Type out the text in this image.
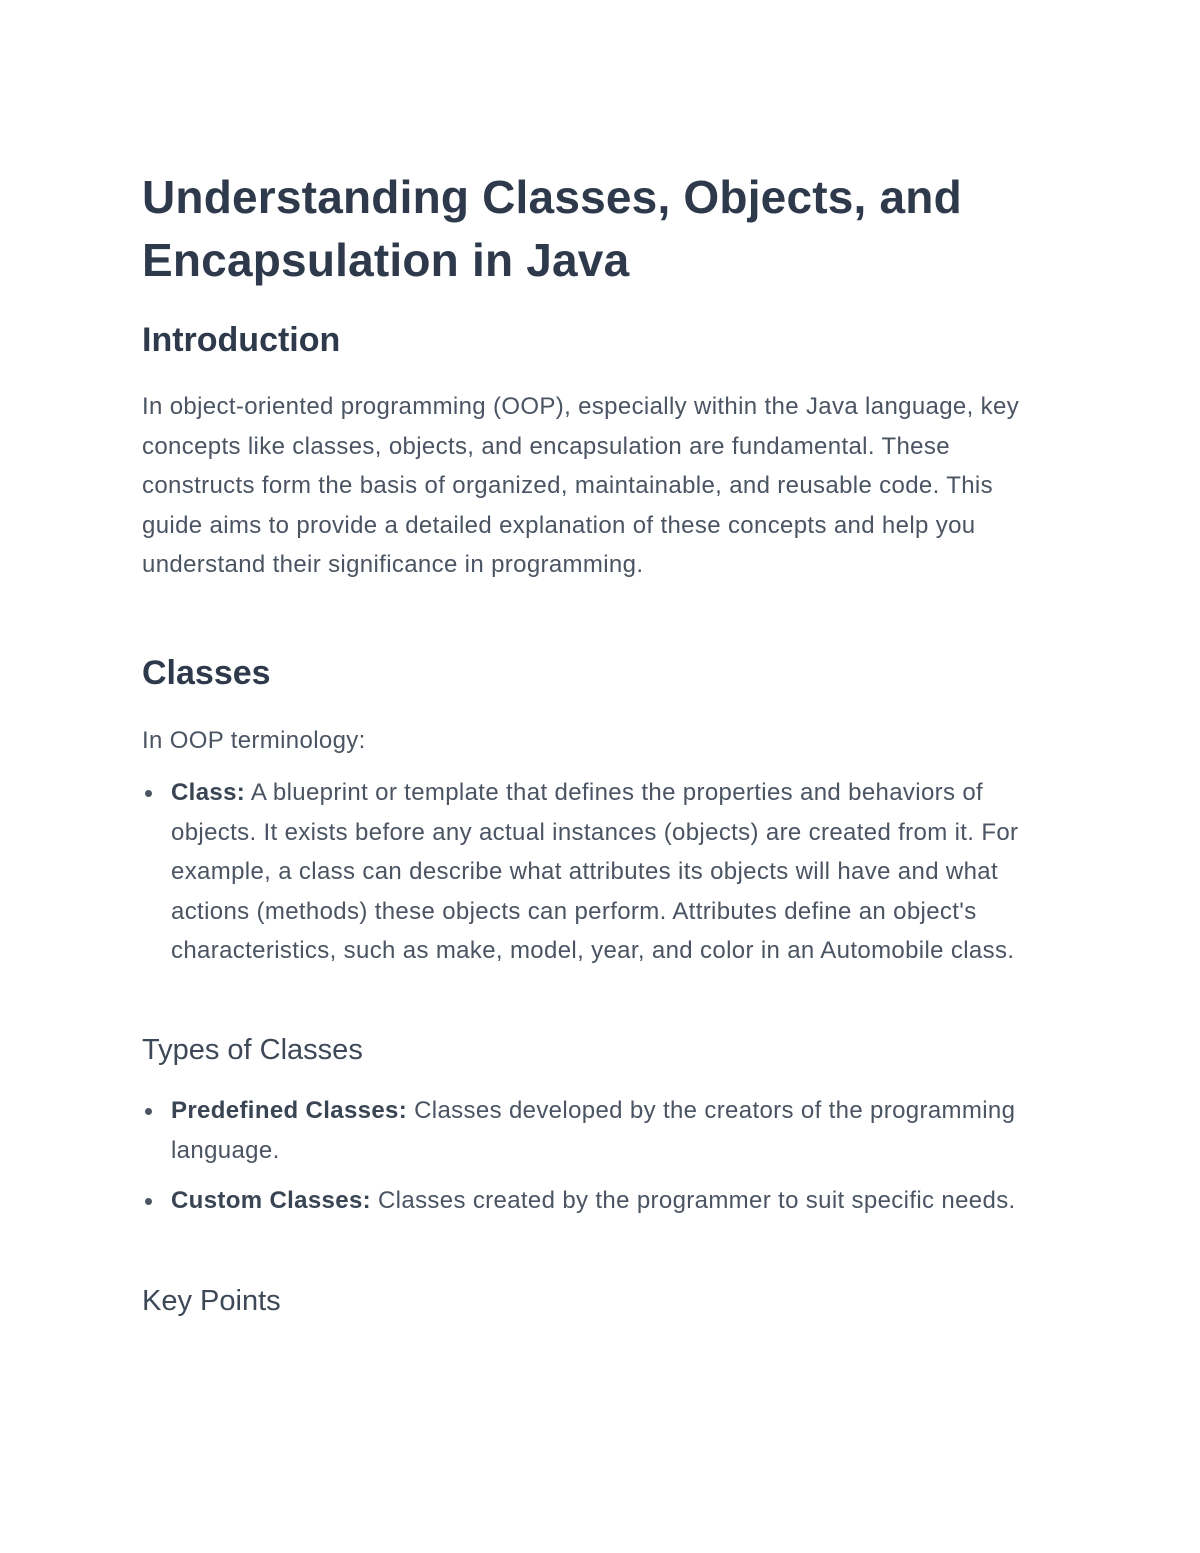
Understanding Classes, Objects, and Encapsulation in Java
Introduction

In object-oriented programming (OOP), especially within the Java language, key concepts like classes, objects, and encapsulation are fundamental. These constructs form the basis of organized, maintainable, and reusable code. This guide aims to provide a detailed explanation of these concepts and help you understand their significance in programming.

Classes

In OOP terminology:

Class: A blueprint or template that defines the properties and behaviors of objects. It exists before any actual instances (objects) are created from it. For example, a class can describe what attributes its objects will have and what actions (methods) these objects can perform. Attributes define an object's characteristics, such as make, model, year, and color in an Automobile class.
Types of Classes
Predefined Classes: Classes developed by the creators of the programming language.
Custom Classes: Classes created by the programmer to suit specific needs.
Key Points
